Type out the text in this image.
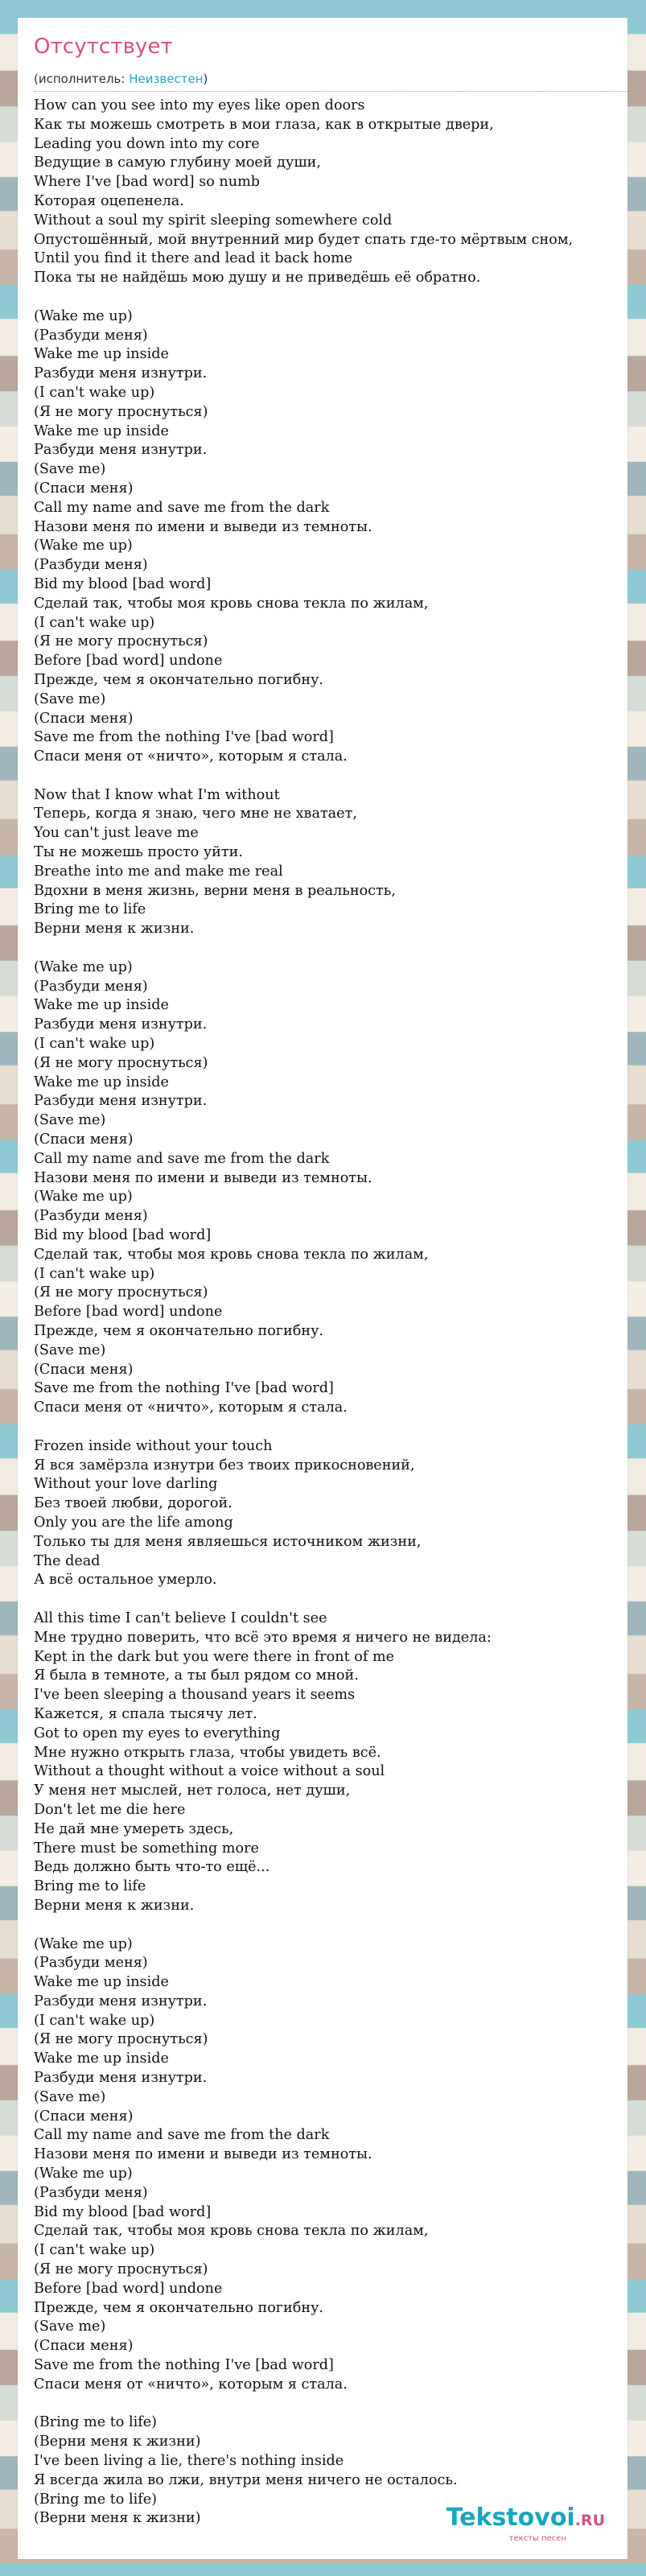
Отсутствует
(исполнитель: Неизвестен)
How can you see into my eyes like open doors
Как ты можешь смотреть в мои глаза, как в открытые двери,
Leading you down into my core
Ведущие в самую глубину моей души,
Where I've [bad word] so numb
Которая оцепенела.
Without a soul my spirit sleeping somewhere cold
Опустошённый, мой внутренний мир будет спать где-то мёртвым сном,
Until you find it there and lead it back home
Пока ты не найдёшь мою душу и не приведёшь её обратно.
(Wake me up)
(Разбуди меня)
Wake me up inside
Разбуди меня изнутри.
(I can't wake up)
(Я не могу проснуться)
Wake me up inside
Разбуди меня изнутри.
(Save me)
(Спаси меня)
Call my name and save me from the dark
Назови меня по имени и выведи из темноты.
(Wake me up)
(Разбуди меня)
Bid my blood [bad word]
Сделай так, чтобы моя кровь снова текла по жилам,
(I can't wake up)
(Я не могу проснуться)
Before [bad word] undone
Прежде, чем я окончательно погибну.
(Save me)
(Спаси меня)
Save me from the nothing I've [bad word]
Спаси меня от «ничто», которым я стала.
Now that I know what I'm without
Теперь, когда я знаю, чего мне не хватает,
You can't just leave me
Ты не можешь просто уйти.
Breathe into me and make me real
Вдохни в меня жизнь, верни меня в реальность,
Bring me to life
Верни меня к жизни.
(Wake me up)
(Разбуди меня)
Wake me up inside
Разбуди меня изнутри.
(I can't wake up)
(Я не могу проснуться)
Wake me up inside
Разбуди меня изнутри.
(Save me)
(Спаси меня)
Call my name and save me from the dark
Назови меня по имени и выведи из темноты.
(Wake me up)
(Разбуди меня)
Bid my blood [bad word]
Сделай так, чтобы моя кровь снова текла по жилам,
(I can't wake up)
(Я не могу проснуться)
Before [bad word] undone
Прежде, чем я окончательно погибну.
(Save me)
(Спаси меня)
Save me from the nothing I've [bad word]
Спаси меня от «ничто», которым я стала.
Frozen inside without your touch
Я вся замёрзла изнутри без твоих прикосновений,
Without your love darling
Без твоей любви, дорогой.
Only you are the life among
Только ты для меня являешься источником жизни,
The dead
А всё остальное умерло.
All this time I can't believe I couldn't see
Мне трудно поверить, что всё это время я ничего не видела:
Kept in the dark but you were there in front of me
Я была в темноте, а ты был рядом со мной.
I've been sleeping a thousand years it seems
Кажется, я спала тысячу лет.
Got to open my eyes to everything
Мне нужно открыть глаза, чтобы увидеть всё.
Without a thought without a voice without a soul
У меня нет мыслей, нет голоса, нет души,
Don't let me die here
Не дай мне умереть здесь,
There must be something more
Ведь должно быть что-то ещё...
Bring me to life
Верни меня к жизни.
(Wake me up)
(Разбуди меня)
Wake me up inside
Разбуди меня изнутри.
(I can't wake up)
(Я не могу проснуться)
Wake me up inside
Разбуди меня изнутри.
(Save me)
(Спаси меня)
Call my name and save me from the dark
Назови меня по имени и выведи из темноты.
(Wake me up)
(Разбуди меня)
Bid my blood [bad word]
Сделай так, чтобы моя кровь снова текла по жилам,
(I can't wake up)
(Я не могу проснуться)
Before [bad word] undone
Прежде, чем я окончательно погибну.
(Save me)
(Спаси меня)
Save me from the nothing I've [bad word]
Спаси меня от «ничто», которым я стала.
(Bring me to life)
(Верни меня к жизни)
I've been living a lie, there's nothing inside
Я всегда жила во лжи, внутри меня ничего не осталось.
(Bring me to life)
(Верни меня к жизни)	Tekstovoi.RU
тексты песен
